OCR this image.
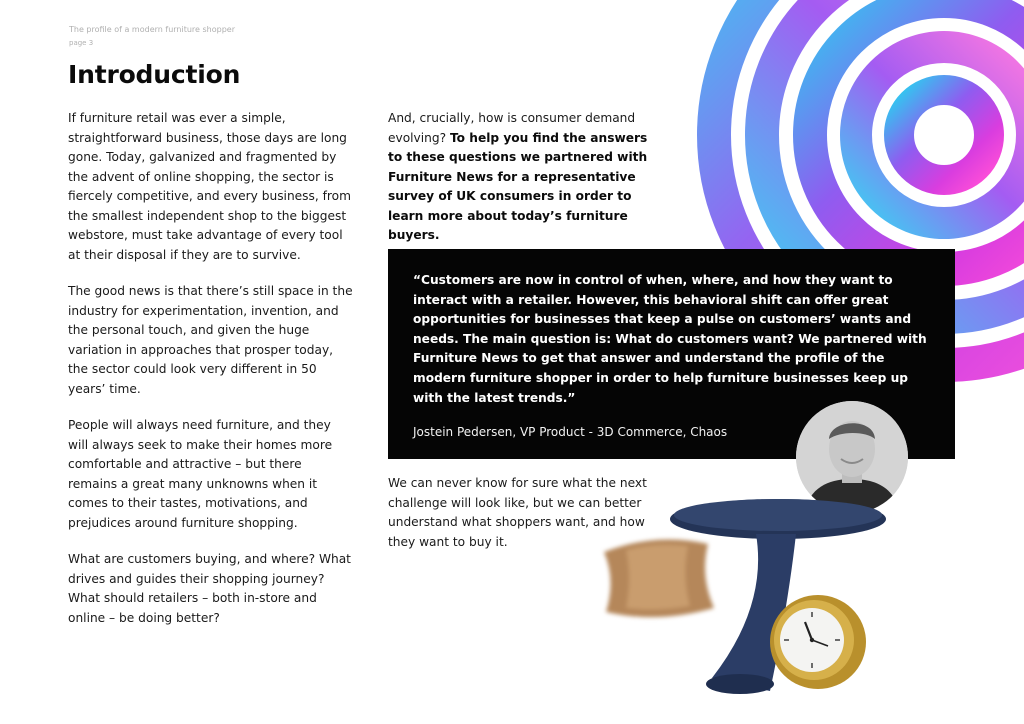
The profile of a modern furniture shopper
page 3
Introduction

If furniture retail was ever a simple, straightforward business, those days are long gone. Today, galvanized and fragmented by the advent of online shopping, the sector is fiercely competitive, and every business, from the smallest independent shop to the biggest webstore, must take advantage of every tool at their disposal if they are to survive.

The good news is that there’s still space in the industry for experimentation, invention, and the personal touch, and given the huge variation in approaches that prosper today, the sector could look very different in 50 years’ time.

People will always need furniture, and they will always seek to make their homes more comfortable and attractive – but there remains a great many unknowns when it comes to their tastes, motivations, and prejudices around furniture shopping.

What are customers buying, and where? What drives and guides their shopping journey? What should retailers – both in-store and online – be doing better?

And, crucially, how is consumer demand evolving? To help you find the answers to these questions we partnered with Furniture News for a representative survey of UK consumers in order to learn more about today’s furniture buyers.

“Customers are now in control of when, where, and how they want to interact with a retailer. However, this behavioral shift can offer great opportunities for businesses that keep a pulse on customers’ wants and needs. The main question is: What do customers want? We partnered with Furniture News to get that answer and understand the profile of the modern furniture shopper in order to help furniture businesses keep up with the latest trends.”

Jostein Pedersen, VP Product - 3D Commerce, Chaos

We can never know for sure what the next challenge will look like, but we can better understand what shoppers want, and how they want to buy it.
